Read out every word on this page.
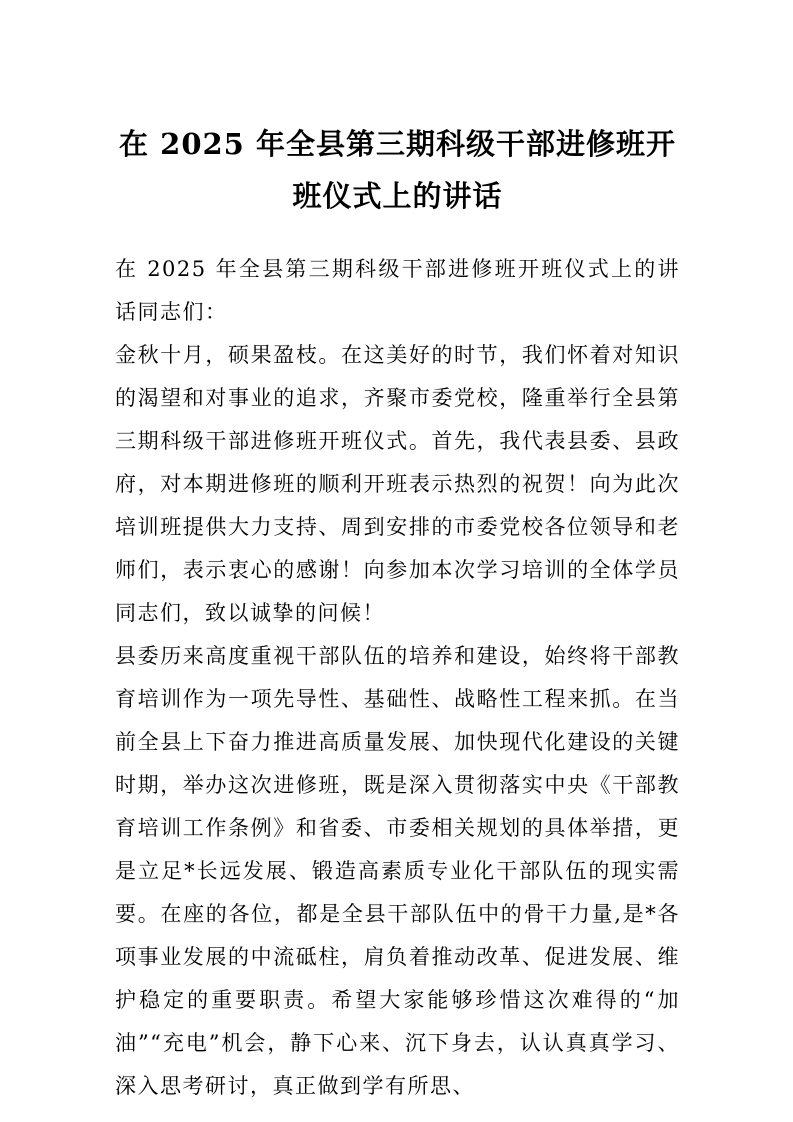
在 2025 年全县第三期科级干部进修班开班仪式上的讲话

在 2025 年全县第三期科级干部进修班开班仪式上的讲话同志们：

金秋十月，硕果盈枝。在这美好的时节，我们怀着对知识的渴望和对事业的追求，齐聚市委党校，隆重举行全县第三期科级干部进修班开班仪式。首先，我代表县委、县政府，对本期进修班的顺利开班表示热烈的祝贺！向为此次培训班提供大力支持、周到安排的市委党校各位领导和老师们，表示衷心的感谢！向参加本次学习培训的全体学员同志们，致以诚挚的问候！

县委历来高度重视干部队伍的培养和建设，始终将干部教育培训作为一项先导性、基础性、战略性工程来抓。在当前全县上下奋力推进高质量发展、加快现代化建设的关键时期，举办这次进修班，既是深入贯彻落实中央《干部教育培训工作条例》和省委、市委相关规划的具体举措，更是立足*长远发展、锻造高素质专业化干部队伍的现实需要。在座的各位，都是全县干部队伍中的骨干力量,是*各项事业发展的中流砥柱，肩负着推动改革、促进发展、维护稳定的重要职责。希望大家能够珍惜这次难得的“加油”“充电”机会，静下心来、沉下身去，认认真真学习、深入思考研讨，真正做到学有所思、
